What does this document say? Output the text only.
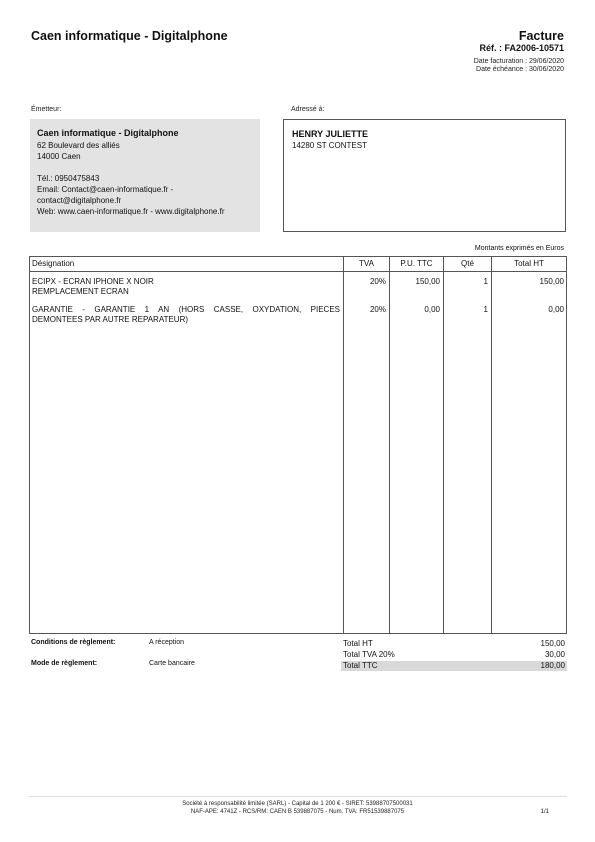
Caen informatique - Digitalphone	Facture
Réf. : FA2006-10571
Date facturation : 29/06/2020
Date échéance : 30/06/2020
Émetteur:	Adressé à:
Caen informatique - Digitalphone
62 Boulevard des alliés
14000 Caen
Tél.: 0950475843
Email: Contact@caen-informatique.fr -
contact@digitalphone.fr
Web: www.caen-informatique.fr - www.digitalphone.fr
HENRY JULIETTE
14280 ST CONTEST
Montants exprimés en Euros
Désignation	TVA	P.U. TTC	Qté	Total HT
ECIPX - ECRAN IPHONE X NOIR
REMPLACEMENT ECRAN
20%	150,00	1	150,00
GARANTIE - GARANTIE 1 AN (HORS CASSE, OXYDATION, PIECES
DEMONTEES PAR AUTRE REPARATEUR)
20%	0,00	1	0,00
Conditions de règlement:	A réception
Mode de règlement:	Carte bancaire
Total HT	150,00
Total TVA 20%	30,00
Total TTC	180,00
Société à responsabilité limitée (SARL) - Capital de 1 200 € - SIRET: 53988707500031
NAF-APE: 4741Z - RCS/RM: CAEN B 539887075 - Num. TVA: FR51539887075	1/1
